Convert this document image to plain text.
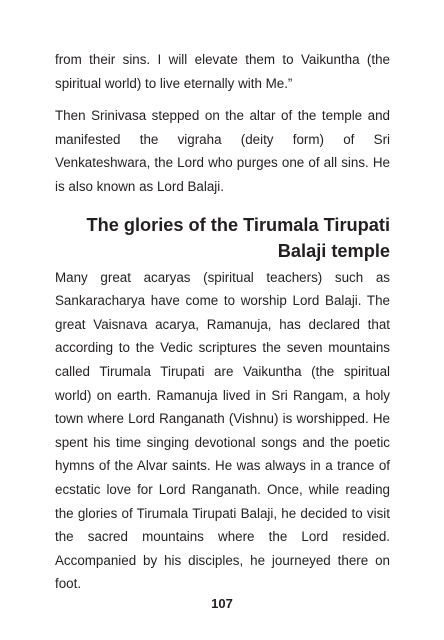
from their sins. I will elevate them to Vaikuntha (the spiritual world) to live eternally with Me.”

Then Srinivasa stepped on the altar of the temple and manifested the vigraha (deity form) of Sri Venkateshwara, the Lord who purges one of all sins. He is also known as Lord Balaji.

The glories of the Tirumala Tirupati Balaji temple

Many great acaryas (spiritual teachers) such as Sankaracharya have come to worship Lord Balaji. The great Vaisnava acarya, Ramanuja, has declared that according to the Vedic scriptures the seven mountains called Tirumala Tirupati are Vaikuntha (the spiritual world) on earth. Ramanuja lived in Sri Rangam, a holy town where Lord Ranganath (Vishnu) is worshipped. He spent his time singing devotional songs and the poetic hymns of the Alvar saints. He was always in a trance of ecstatic love for Lord Ranganath. Once, while reading the glories of Tirumala Tirupati Balaji, he decided to visit the sacred mountains where the Lord resided. Accompanied by his disciples, he journeyed there on foot.

107
